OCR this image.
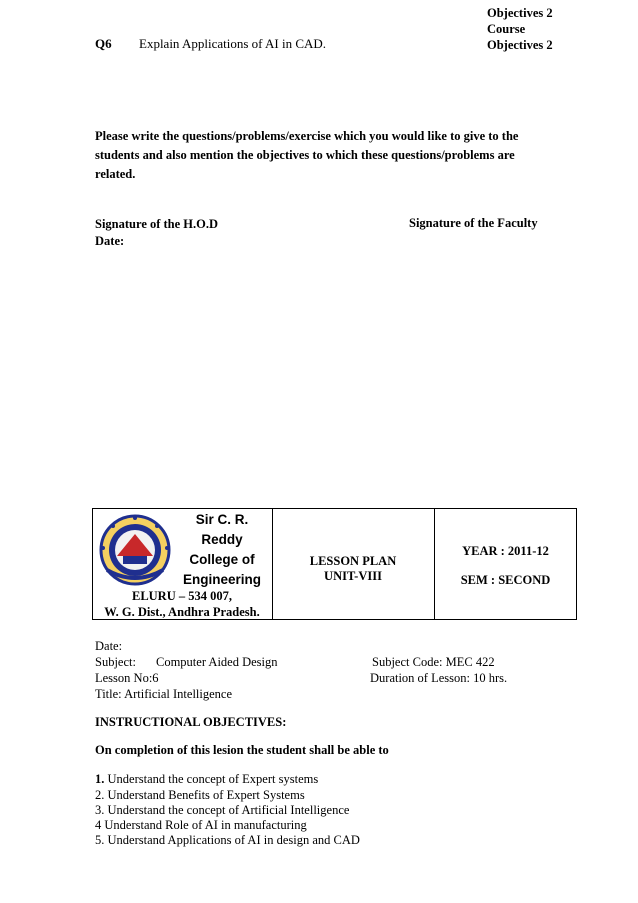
Q6 Explain Applications of AI in CAD.
Objectives 2
Course
Objectives 2
Please write the questions/problems/exercise which you would like to give to the students and also mention the objectives to which these questions/problems are related.
Signature of the H.O.D
Date:
Signature of the Faculty
Sir C. R.
Reddy
College of
Engineering
ELURU – 534 007,
W. G. Dist., Andhra Pradesh.
LESSON PLAN
UNIT-VIII
YEAR : 2011-12
SEM : SECOND
Date:
Subject: Computer Aided Design	Subject Code: MEC 422
Lesson No:6	Duration of Lesson: 10 hrs.
Title: Artificial Intelligence
INSTRUCTIONAL OBJECTIVES:
On completion of this lesion the student shall be able to
1. Understand the concept of Expert systems
2. Understand Benefits of Expert Systems
3. Understand the concept of Artificial Intelligence
4 Understand Role of AI in manufacturing
5. Understand Applications of AI in design and CAD
